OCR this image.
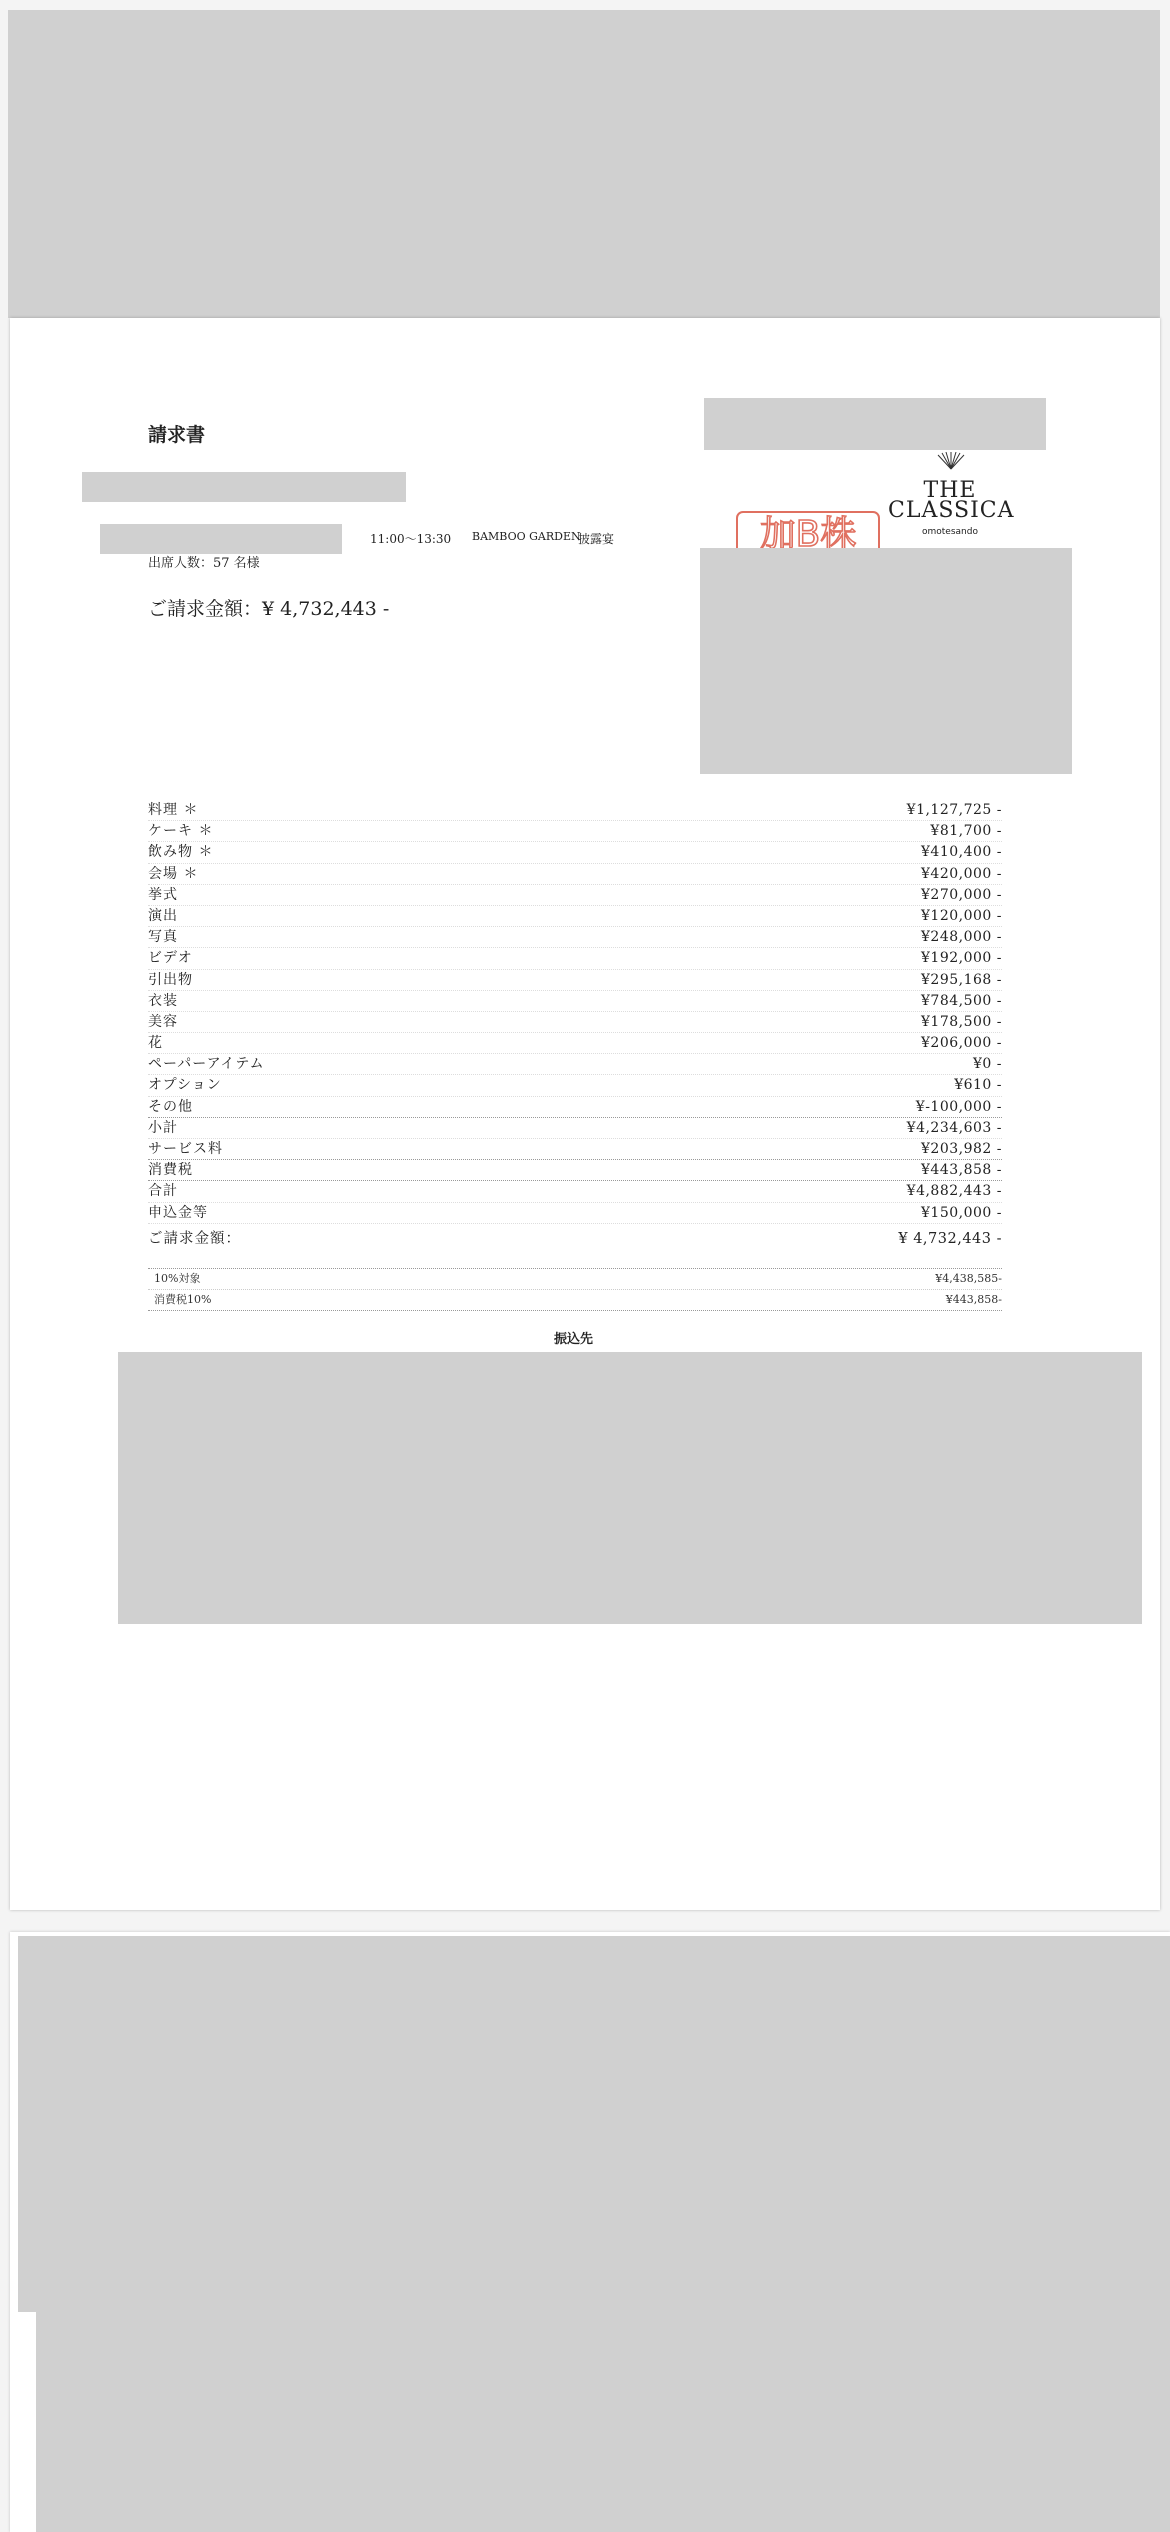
請求書
11:00〜13:30 BAMBOO GARDEN
披露宴
出席人数：57 名様
ご請求金額：¥ 4,732,443 -
THE
CLASSICA
omotesando
加B株
料理 ＊	¥1,127,725 -
ケーキ ＊	¥81,700 -
飲み物 ＊	¥410,400 -
会場 ＊	¥420,000 -
挙式	¥270,000 -
演出	¥120,000 -
写真	¥248,000 -
ビデオ	¥192,000 -
引出物	¥295,168 -
衣装	¥784,500 -
美容	¥178,500 -
花	¥206,000 -
ペーパーアイテム	¥0 -
オプション	¥610 -
その他	¥-100,000 -
小計	¥4,234,603 -
サービス料	¥203,982 -
消費税	¥443,858 -
合計	¥4,882,443 -
申込金等	¥150,000 -
ご請求金額：	¥ 4,732,443 -
10%対象	¥4,438,585-
消費税10%	¥443,858-
振込先
